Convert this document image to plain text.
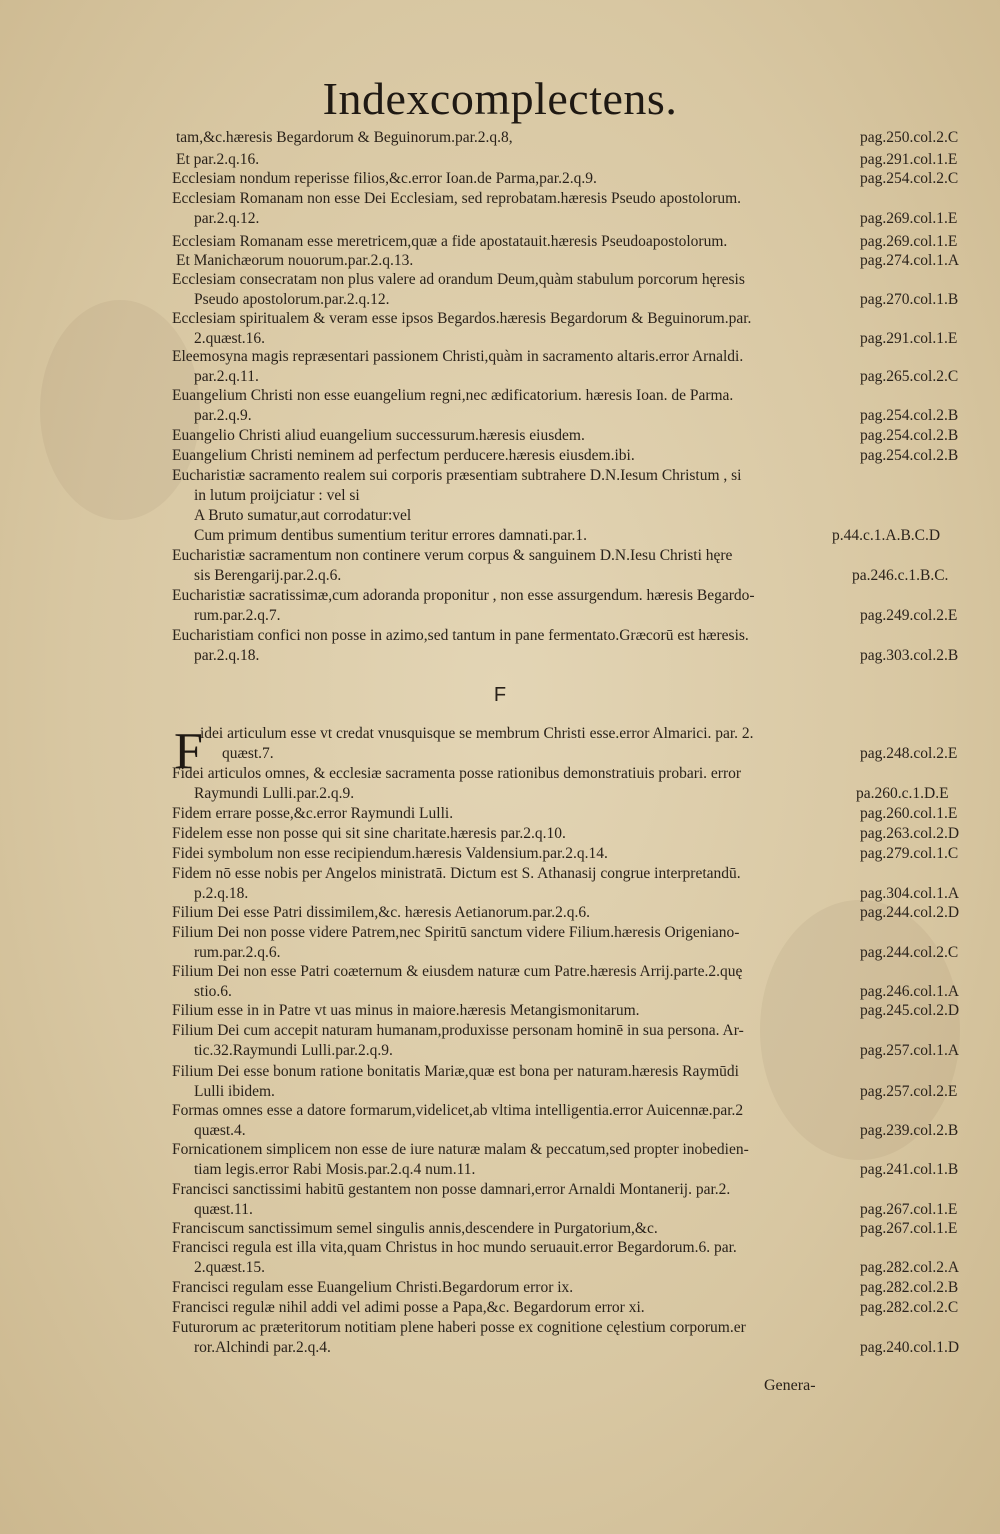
Indexcomplectens.
tam,&c.hæresis Begardorum & Beguinorum.par.2.q.8,	pag.250.col.2.C
Et par.2.q.16.	pag.291.col.1.E
Ecclesiam nondum reperisse filios,&c.error Ioan.de Parma,par.2.q.9.	pag.254.col.2.C
Ecclesiam Romanam non esse Dei Ecclesiam, sed reprobatam.hæresis Pseudo apostolorum.
par.2.q.12.	pag.269.col.1.E
Ecclesiam Romanam esse meretricem,quæ a fide apostatauit.hæresis Pseudoapostolorum.	pag.269.col.1.E
Et Manichæorum nouorum.par.2.q.13.	pag.274.col.1.A
Ecclesiam consecratam non plus valere ad orandum Deum,quàm stabulum porcorum hęresis
Pseudo apostolorum.par.2.q.12.	pag.270.col.1.B
Ecclesiam spiritualem & veram esse ipsos Begardos.hæresis Begardorum & Beguinorum.par.
2.quæst.16.	pag.291.col.1.E
Eleemosyna magis repræsentari passionem Christi,quàm in sacramento altaris.error Arnaldi.
par.2.q.11.	pag.265.col.2.C
Euangelium Christi non esse euangelium regni,nec ædificatorium. hæresis Ioan. de Parma.
par.2.q.9.	pag.254.col.2.B
Euangelio Christi aliud euangelium successurum.hæresis eiusdem.	pag.254.col.2.B
Euangelium Christi neminem ad perfectum perducere.hæresis eiusdem.ibi.	pag.254.col.2.B
Eucharistiæ sacramento realem sui corporis præsentiam subtrahere D.N.Iesum Christum , si
in lutum proijciatur : vel si
A Bruto sumatur,aut corrodatur:vel
Cum primum dentibus sumentium teritur errores damnati.par.1.	p.44.c.1.A.B.C.D
Eucharistiæ sacramentum non continere verum corpus & sanguinem D.N.Iesu Christi hęre
sis Berengarij.par.2.q.6.	pa.246.c.1.B.C.
Eucharistiæ sacratissimæ,cum adoranda proponitur , non esse assurgendum. hæresis Begardo-
rum.par.2.q.7.	pag.249.col.2.E
Eucharistiam confici non posse in azimo,sed tantum in pane fermentato.Græcorū est hæresis.
par.2.q.18.	pag.303.col.2.B
idei articulum esse vt credat vnusquisque se membrum Christi esse.error Almarici. par. 2.
quæst.7.	pag.248.col.2.E
Fidei articulos omnes, & ecclesiæ sacramenta posse rationibus demonstratiuis probari. error
Raymundi Lulli.par.2.q.9.	pa.260.c.1.D.E
Fidem errare posse,&c.error Raymundi Lulli.	pag.260.col.1.E
Fidelem esse non posse qui sit sine charitate.hæresis par.2.q.10.	pag.263.col.2.D
Fidei symbolum non esse recipiendum.hæresis Valdensium.par.2.q.14.	pag.279.col.1.C
Fidem nō esse nobis per Angelos ministratā. Dictum est S. Athanasij congrue interpretandū.
p.2.q.18.	pag.304.col.1.A
Filium Dei esse Patri dissimilem,&c. hæresis Aetianorum.par.2.q.6.	pag.244.col.2.D
Filium Dei non posse videre Patrem,nec Spiritū sanctum videre Filium.hæresis Origeniano-
rum.par.2.q.6.	pag.244.col.2.C
Filium Dei non esse Patri coæternum & eiusdem naturæ cum Patre.hæresis Arrij.parte.2.quę
stio.6.	pag.246.col.1.A
Filium esse in in Patre vt uas minus in maiore.hæresis Metangismonitarum.	pag.245.col.2.D
Filium Dei cum accepit naturam humanam,produxisse personam hominē in sua persona. Ar-
tic.32.Raymundi Lulli.par.2.q.9.	pag.257.col.1.A
Filium Dei esse bonum ratione bonitatis Mariæ,quæ est bona per naturam.hæresis Raymūdi
Lulli ibidem.	pag.257.col.2.E
Formas omnes esse a datore formarum,videlicet,ab vltima intelligentia.error Auicennæ.par.2
quæst.4.	pag.239.col.2.B
Fornicationem simplicem non esse de iure naturæ malam & peccatum,sed propter inobedien-
tiam legis.error Rabi Mosis.par.2.q.4 num.11.	pag.241.col.1.B
Francisci sanctissimi habitū gestantem non posse damnari,error Arnaldi Montanerij. par.2.
quæst.11.	pag.267.col.1.E
Franciscum sanctissimum semel singulis annis,descendere in Purgatorium,&c.	pag.267.col.1.E
Francisci regula est illa vita,quam Christus in hoc mundo seruauit.error Begardorum.6. par.
2.quæst.15.	pag.282.col.2.A
Francisci regulam esse Euangelium Christi.Begardorum error ix.	pag.282.col.2.B
Francisci regulæ nihil addi vel adimi posse a Papa,&c. Begardorum error xi.	pag.282.col.2.C
Futurorum ac præteritorum notitiam plene haberi posse ex cognitione cęlestium corporum.er
ror.Alchindi par.2.q.4.	pag.240.col.1.D
F
F
Genera-
